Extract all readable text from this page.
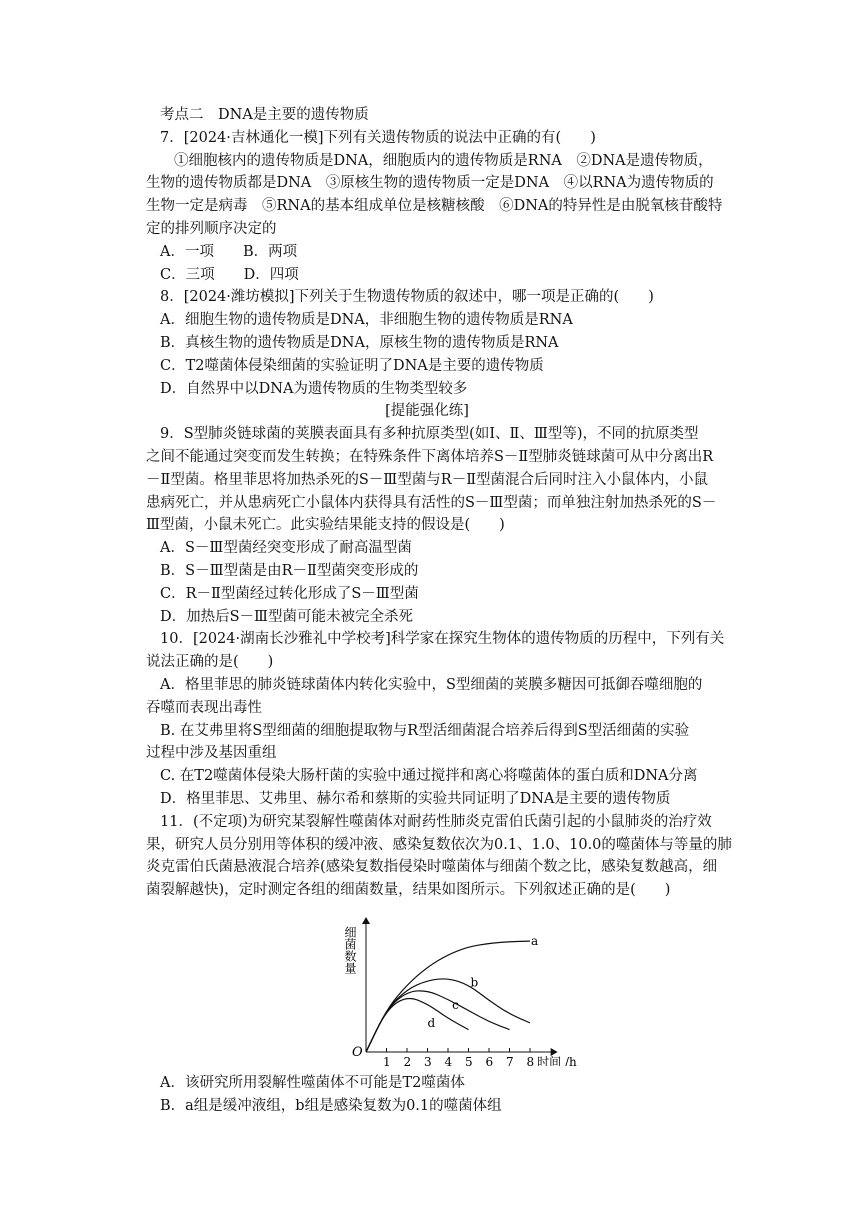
考点二　DNA是主要的遗传物质
7．[2024·吉林通化一模]下列有关遗传物质的说法中正确的有(　　)
①细胞核内的遗传物质是DNA，细胞质内的遗传物质是RNA　②DNA是遗传物质，
生物的遗传物质都是DNA　③原核生物的遗传物质一定是DNA　④以RNA为遗传物质的
生物一定是病毒　⑤RNA的基本组成单位是核糖核酸　⑥DNA的特异性是由脱氧核苷酸特
定的排列顺序决定的
A．一项　　B．两项
C．三项　　D．四项
8．[2024·潍坊模拟]下列关于生物遗传物质的叙述中，哪一项是正确的(　　)
A．细胞生物的遗传物质是DNA，非细胞生物的遗传物质是RNA
B．真核生物的遗传物质是DNA，原核生物的遗传物质是RNA
C．T2噬菌体侵染细菌的实验证明了DNA是主要的遗传物质
D．自然界中以DNA为遗传物质的生物类型较多
[提能强化练]
9．S型肺炎链球菌的荚膜表面具有多种抗原类型(如Ⅰ、Ⅱ、Ⅲ型等)，不同的抗原类型
之间不能通过突变而发生转换；在特殊条件下离体培养S－Ⅱ型肺炎链球菌可从中分离出R
－Ⅱ型菌。格里菲思将加热杀死的S－Ⅲ型菌与R－Ⅱ型菌混合后同时注入小鼠体内，小鼠
患病死亡，并从患病死亡小鼠体内获得具有活性的S－Ⅲ型菌；而单独注射加热杀死的S－
Ⅲ型菌，小鼠未死亡。此实验结果能支持的假设是(　　)
A．S－Ⅲ型菌经突变形成了耐高温型菌
B．S－Ⅲ型菌是由R－Ⅱ型菌突变形成的
C．R－Ⅱ型菌经过转化形成了S－Ⅲ型菌
D．加热后S－Ⅲ型菌可能未被完全杀死
10．[2024·湖南长沙雅礼中学校考]科学家在探究生物体的遗传物质的历程中，下列有关
说法正确的是(　　)
A．格里菲思的肺炎链球菌体内转化实验中，S型细菌的荚膜多糖因可抵御吞噬细胞的
吞噬而表现出毒性
B. 在艾弗里将S型细菌的细胞提取物与R型活细菌混合培养后得到S型活细菌的实验
过程中涉及基因重组
C. 在T2噬菌体侵染大肠杆菌的实验中通过搅拌和离心将噬菌体的蛋白质和DNA分离
D．格里菲思、艾弗里、赫尔希和蔡斯的实验共同证明了DNA是主要的遗传物质
11．(不定项)为研究某裂解性噬菌体对耐药性肺炎克雷伯氏菌引起的小鼠肺炎的治疗效
果，研究人员分别用等体积的缓冲液、感染复数依次为0.1、1.0、10.0的噬菌体与等量的肺
炎克雷伯氏菌悬液混合培养(感染复数指侵染时噬菌体与细菌个数之比，感染复数越高，细
菌裂解越快)，定时测定各组的细菌数量，结果如图所示。下列叙述正确的是(　　)
O
1 2 3 4 5 6 7 8 时间 /h
细菌数量	a
b
c
d
A．该研究所用裂解性噬菌体不可能是T2噬菌体
B．a组是缓冲液组，b组是感染复数为0.1的噬菌体组
